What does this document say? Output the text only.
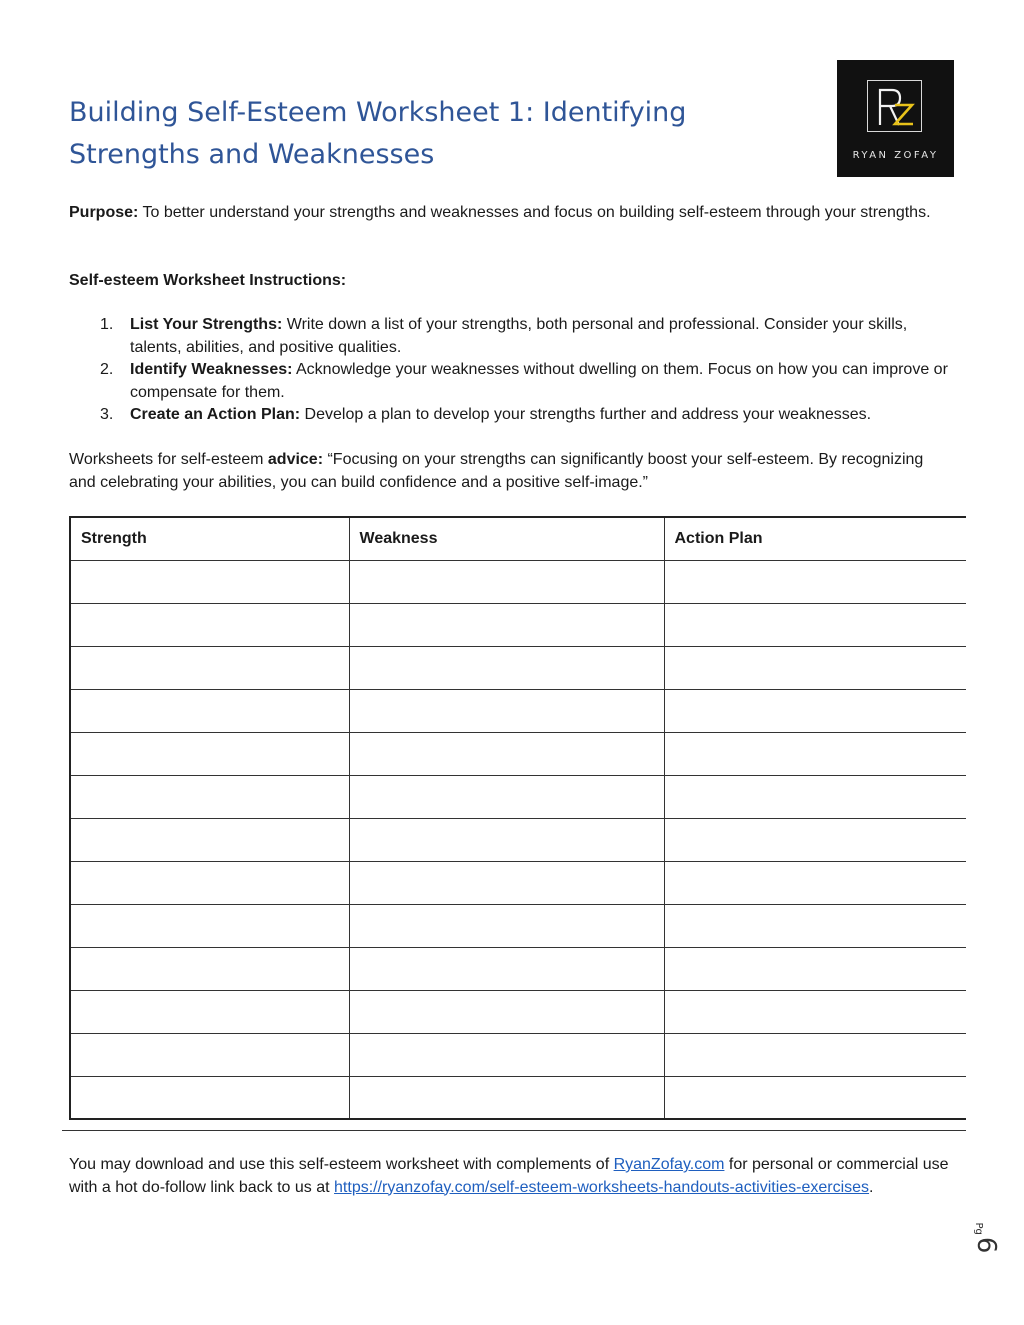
Building Self-Esteem Worksheet 1: Identifying Strengths and Weaknesses	RYAN ZOFAY

Purpose: To better understand your strengths and weaknesses and focus on building self-esteem through your strengths.

Self-esteem Worksheet Instructions:

1. List Your Strengths: Write down a list of your strengths, both personal and professional. Consider your skills, talents, abilities, and positive qualities.
2. Identify Weaknesses: Acknowledge your weaknesses without dwelling on them. Focus on how you can improve or compensate for them.
3. Create an Action Plan: Develop a plan to develop your strengths further and address your weaknesses.

Worksheets for self-esteem advice: “Focusing on your strengths can significantly boost your self-esteem. By recognizing and celebrating your abilities, you can build confidence and a positive self-image.”

Strength	Weakness	Action Plan

You may download and use this self-esteem worksheet with complements of RyanZofay.com for personal or commercial use with a hot do-follow link back to us at https://ryanzofay.com/self-esteem-worksheets-handouts-activities-exercises.

Pg
6
